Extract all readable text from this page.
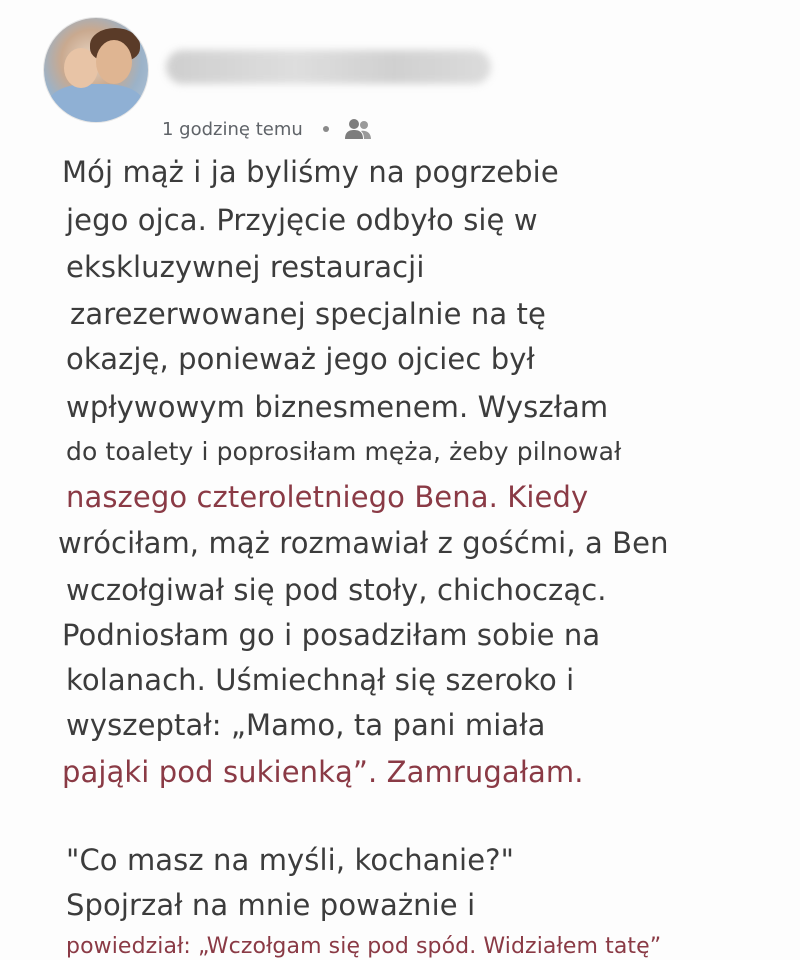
1 godzinę temu
Mój mąż i ja byliśmy na pogrzebie
jego ojca. Przyjęcie odbyło się w
ekskluzywnej restauracji
zarezerwowanej specjalnie na tę
okazję, ponieważ jego ojciec był
wpływowym biznesmenem. Wyszłam
do toalety i poprosiłam męża, żeby pilnował
naszego czteroletniego Bena. Kiedy
wróciłam, mąż rozmawiał z gośćmi, a Ben
wczołgiwał się pod stoły, chichocząc.
Podniosłam go i posadziłam sobie na
kolanach. Uśmiechnął się szeroko i
wyszeptał: „Mamo, ta pani miała
pająki pod sukienką”. Zamrugałam.
"Co masz na myśli, kochanie?"
Spojrzał na mnie poważnie i
powiedział: „Wczołgam się pod spód. Widziałem tatę”
